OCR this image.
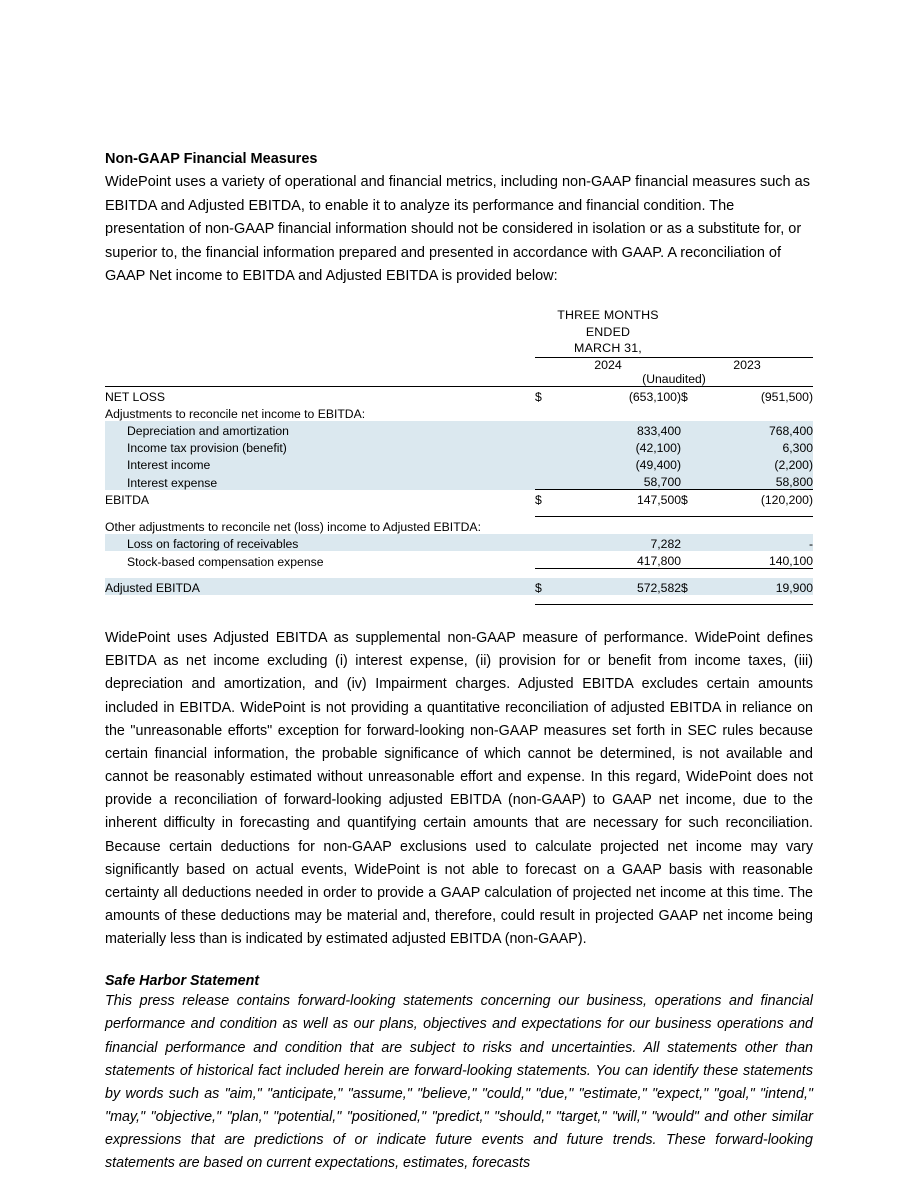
Non-GAAP Financial Measures

WidePoint uses a variety of operational and financial metrics, including non-GAAP financial measures such as EBITDA and Adjusted EBITDA, to enable it to analyze its performance and financial condition. The presentation of non-GAAP financial information should not be considered in isolation or as a substitute for, or superior to, the financial information prepared and presented in accordance with GAAP. A reconciliation of GAAP Net income to EBITDA and Adjusted EBITDA is provided below:

	THREE MONTHS ENDED			
	MARCH 31,			
	2024		2023	
	(Unaudited)			
NET LOSS	$	(653,100)	$	(951,500)
Adjustments to reconcile net income to EBITDA:				
Depreciation and amortization		833,400		768,400
Income tax provision (benefit)		(42,100)		6,300
Interest income		(49,400)		(2,200)
Interest expense		58,700		58,800
EBITDA	$	147,500	$	(120,200)

Other adjustments to reconcile net (loss) income to Adjusted EBITDA:				
Loss on factoring of receivables		7,282		-
Stock-based compensation expense		417,800		140,100

Adjusted EBITDA	$	572,582	$	19,900

WidePoint uses Adjusted EBITDA as supplemental non-GAAP measure of performance. WidePoint defines EBITDA as net income excluding (i) interest expense, (ii) provision for or benefit from income taxes, (iii) depreciation and amortization, and (iv) Impairment charges. Adjusted EBITDA excludes certain amounts included in EBITDA. WidePoint is not providing a quantitative reconciliation of adjusted EBITDA in reliance on the "unreasonable efforts" exception for forward-looking non-GAAP measures set forth in SEC rules because certain financial information, the probable significance of which cannot be determined, is not available and cannot be reasonably estimated without unreasonable effort and expense. In this regard, WidePoint does not provide a reconciliation of forward-looking adjusted EBITDA (non-GAAP) to GAAP net income, due to the inherent difficulty in forecasting and quantifying certain amounts that are necessary for such reconciliation. Because certain deductions for non-GAAP exclusions used to calculate projected net income may vary significantly based on actual events, WidePoint is not able to forecast on a GAAP basis with reasonable certainty all deductions needed in order to provide a GAAP calculation of projected net income at this time. The amounts of these deductions may be material and, therefore, could result in projected GAAP net income being materially less than is indicated by estimated adjusted EBITDA (non-GAAP).

Safe Harbor Statement

This press release contains forward-looking statements concerning our business, operations and financial performance and condition as well as our plans, objectives and expectations for our business operations and financial performance and condition that are subject to risks and uncertainties. All statements other than statements of historical fact included herein are forward-looking statements. You can identify these statements by words such as "aim," "anticipate," "assume," "believe," "could," "due," "estimate," "expect," "goal," "intend," "may," "objective," "plan," "potential," "positioned," "predict," "should," "target," "will," "would" and other similar expressions that are predictions of or indicate future events and future trends. These forward-looking statements are based on current expectations, estimates, forecasts
